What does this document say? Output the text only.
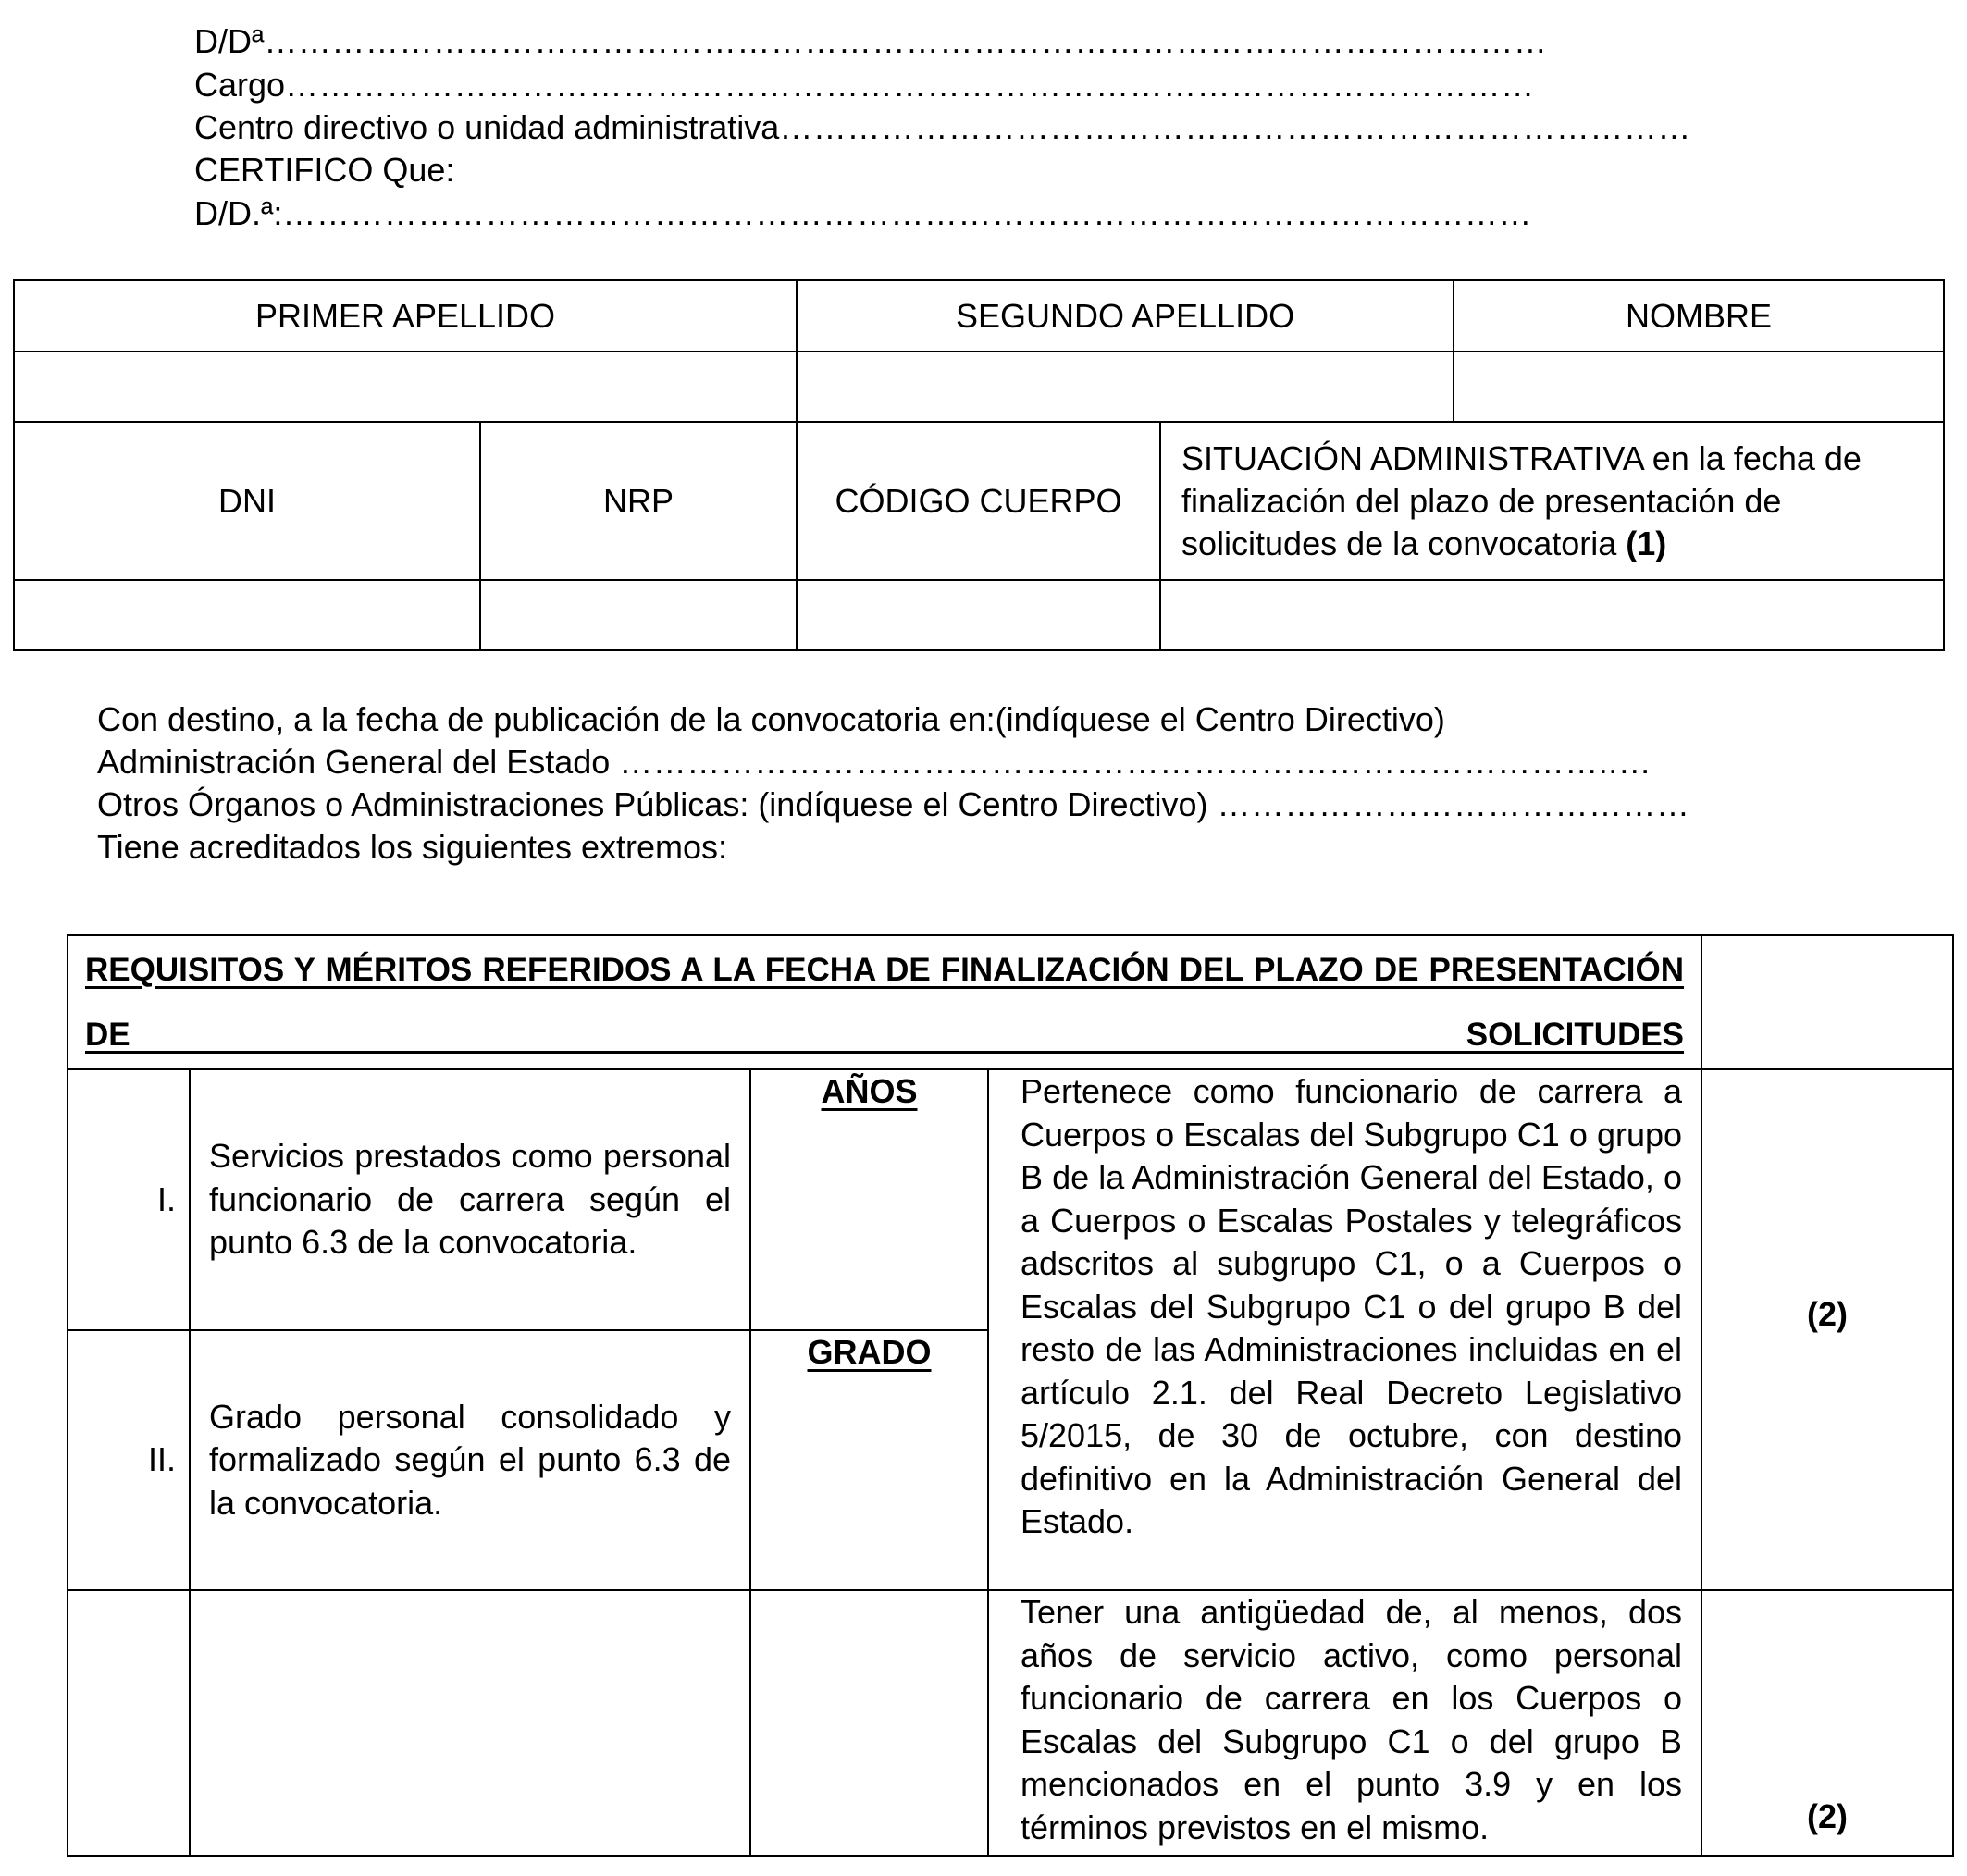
D/Dª……………………………………………………………………………………………………
Cargo…………………………………………………………………………………………………
Centro directivo o unidad administrativa………………………………………………………………………
CERTIFICO Que:
D/D.ª:…………………………………………………………………………………………………
PRIMER APELLIDO		SEGUNDO APELLIDO		NOMBRE

DNI	NRP	CÓDIGO CUERPO	SITUACIÓN ADMINISTRATIVA en la fecha de finalización del plazo de presentación de solicitudes de la convocatoria (1)	

Con destino, a la fecha de publicación de la convocatoria en:(indíquese el Centro Directivo)
Administración General del Estado ……………………………………………………………………………..…
Otros Órganos o Administraciones Públicas: (indíquese el Centro Directivo) ……………………………………
Tiene acreditados los siguientes extremos:
REQUISITOS Y MÉRITOS REFERIDOS A LA FECHA DE FINALIZACIÓN DEL PLAZO DE PRESENTACIÓN DE SOLICITUDES				

I.	Servicios prestados como personal funcionario de carrera según el punto 6.3 de la convocatoria.	AÑOS	Pertenece como funcionario de carrera a Cuerpos o Escalas del Subgrupo C1 o grupo B de la Administración General del Estado, o a Cuerpos o Escalas Postales y telegráficos adscritos al subgrupo C1, o a Cuerpos o Escalas del Subgrupo C1 o del grupo B del resto de las Administraciones incluidas en el artículo 2.1. del Real Decreto Legislativo 5/2015, de 30 de octubre, con destino definitivo en la Administración General del Estado.	(2)
II.	Grado personal consolidado y formalizado según el punto 6.3 de la convocatoria.	GRADO		

			Tener una antigüedad de, al menos, dos años de servicio activo, como personal funcionario de carrera en los Cuerpos o Escalas del Subgrupo C1 o del grupo B mencionados en el punto 3.9 y en los términos previstos en el mismo.	(2)
